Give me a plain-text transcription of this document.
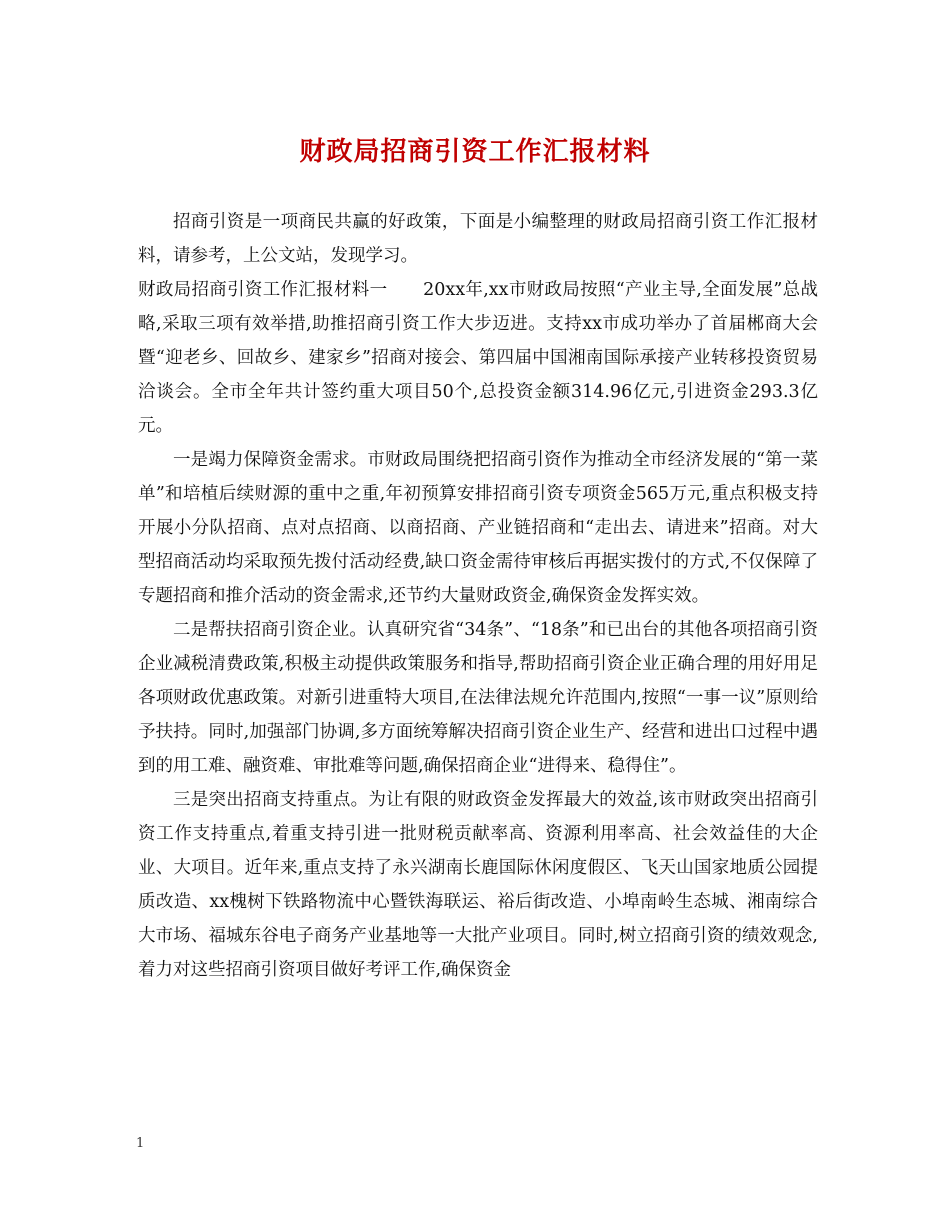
财政局招商引资工作汇报材料

招商引资是一项商民共赢的好政策，下面是小编整理的财政局招商引资工作汇报材料，请参考，上公文站，发现学习。

财政局招商引资工作汇报材料一　　20xx年,xx市财政局按照“产业主导,全面发展”总战略,采取三项有效举措,助推招商引资工作大步迈进。支持xx市成功举办了首届郴商大会暨“迎老乡、回故乡、建家乡”招商对接会、第四届中国湘南国际承接产业转移投资贸易洽谈会。全市全年共计签约重大项目50个,总投资金额314.96亿元,引进资金293.3亿元。

一是竭力保障资金需求。市财政局围绕把招商引资作为推动全市经济发展的“第一菜单”和培植后续财源的重中之重,年初预算安排招商引资专项资金565万元,重点积极支持开展小分队招商、点对点招商、以商招商、产业链招商和“走出去、请进来”招商。对大型招商活动均采取预先拨付活动经费,缺口资金需待审核后再据实拨付的方式,不仅保障了专题招商和推介活动的资金需求,还节约大量财政资金,确保资金发挥实效。

二是帮扶招商引资企业。认真研究省“34条”、“18条”和已出台的其他各项招商引资企业减税清费政策,积极主动提供政策服务和指导,帮助招商引资企业正确合理的用好用足各项财政优惠政策。对新引进重特大项目,在法律法规允许范围内,按照“一事一议”原则给予扶持。同时,加强部门协调,多方面统筹解决招商引资企业生产、经营和进出口过程中遇到的用工难、融资难、审批难等问题,确保招商企业“进得来、稳得住”。

三是突出招商支持重点。为让有限的财政资金发挥最大的效益,该市财政突出招商引资工作支持重点,着重支持引进一批财税贡献率高、资源利用率高、社会效益佳的大企业、大项目。近年来,重点支持了永兴湖南长鹿国际休闲度假区、飞天山国家地质公园提质改造、xx槐树下铁路物流中心暨铁海联运、裕后街改造、小埠南岭生态城、湘南综合大市场、福城东谷电子商务产业基地等一大批产业项目。同时,树立招商引资的绩效观念,着力对这些招商引资项目做好考评工作,确保资金

1
